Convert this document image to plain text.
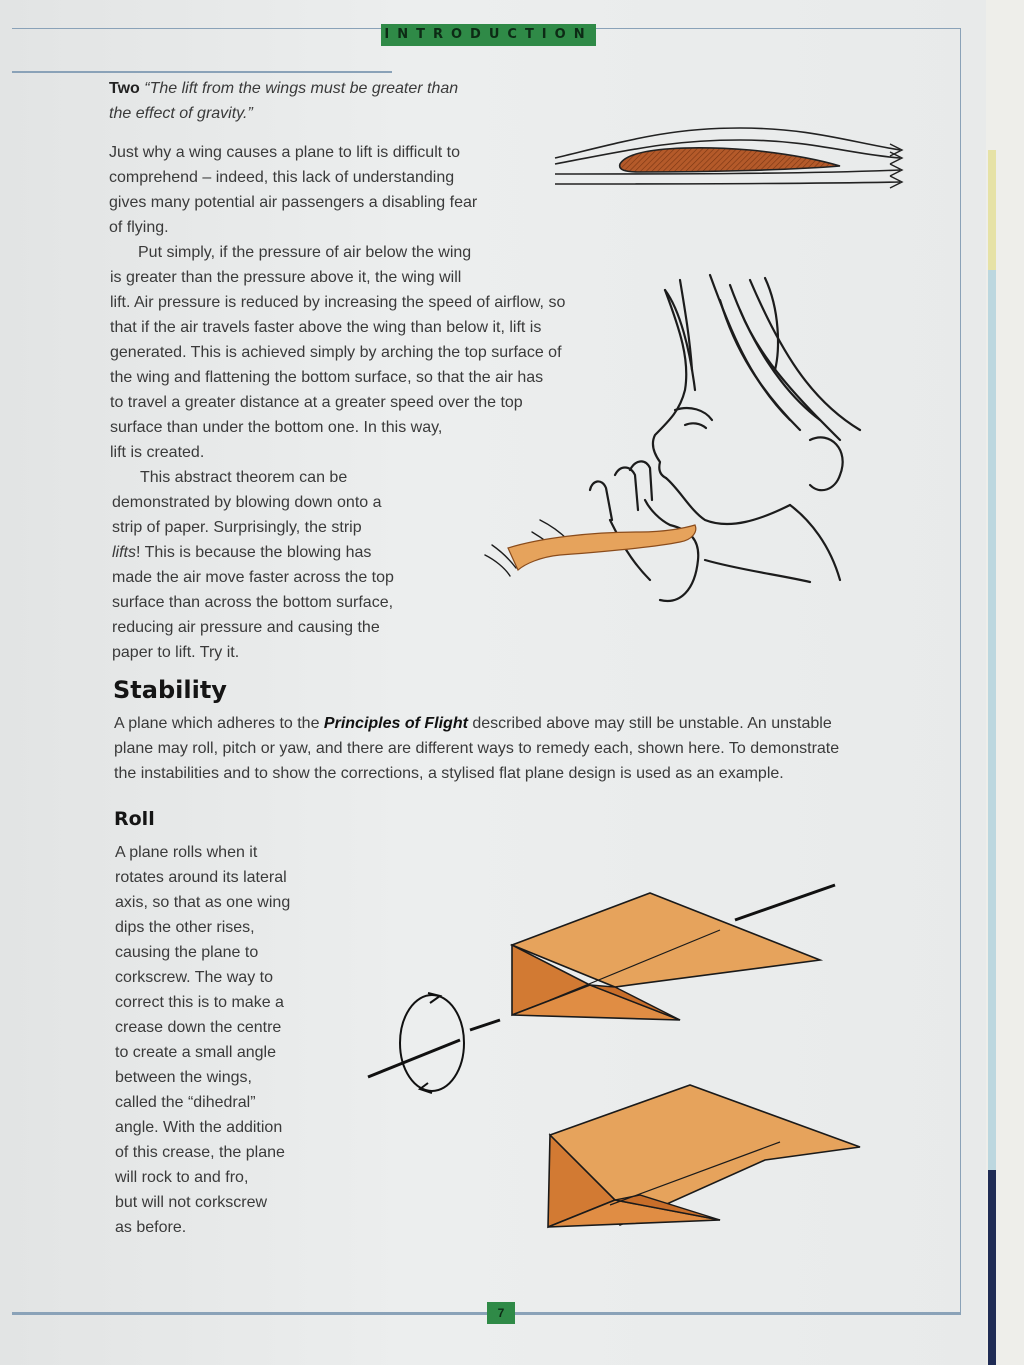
INTRODUCTION
Two “The lift from the wings must be greater than
the effect of gravity.”
Just why a wing causes a plane to lift is difficult to
comprehend – indeed, this lack of understanding
gives many potential air passengers a disabling fear
of flying.
Put simply, if the pressure of air below the wing
is greater than the pressure above it, the wing will
lift. Air pressure is reduced by increasing the speed of airflow, so
that if the air travels faster above the wing than below it, lift is
generated. This is achieved simply by arching the top surface of
the wing and flattening the bottom surface, so that the air has
to travel a greater distance at a greater speed over the top
surface than under the bottom one. In this way,
lift is created.
This abstract theorem can be
demonstrated by blowing down onto a
strip of paper. Surprisingly, the strip
lifts! This is because the blowing has
made the air move faster across the top
surface than across the bottom surface,
reducing air pressure and causing the
paper to lift. Try it.
Stability
A plane which adheres to the Principles of Flight described above may still be unstable. An unstable
plane may roll, pitch or yaw, and there are different ways to remedy each, shown here. To demonstrate
the instabilities and to show the corrections, a stylised flat plane design is used as an example.
Roll
A plane rolls when it
rotates around its lateral
axis, so that as one wing
dips the other rises,
causing the plane to
corkscrew. The way to
correct this is to make a
crease down the centre
to create a small angle
between the wings,
called the “dihedral”
angle. With the addition
of this crease, the plane
will rock to and fro,
but will not corkscrew
as before.
7
